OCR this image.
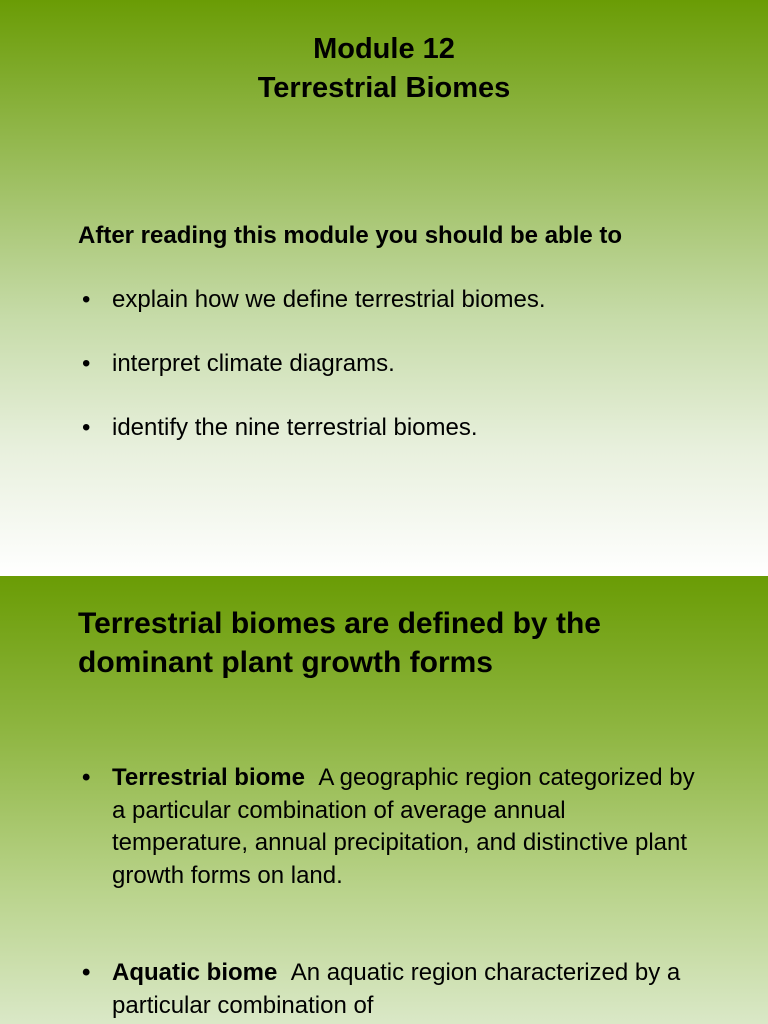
Module 12
Terrestrial Biomes
After reading this module you should be able to
• explain how we define terrestrial biomes.
• interpret climate diagrams.
• identify the nine terrestrial biomes.
Terrestrial biomes are defined by the dominant plant growth forms
• Terrestrial biome A geographic region categorized by a particular combination of average annual temperature, annual precipitation, and distinctive plant growth forms on land.
• Aquatic biome An aquatic region characterized by a particular combination of
